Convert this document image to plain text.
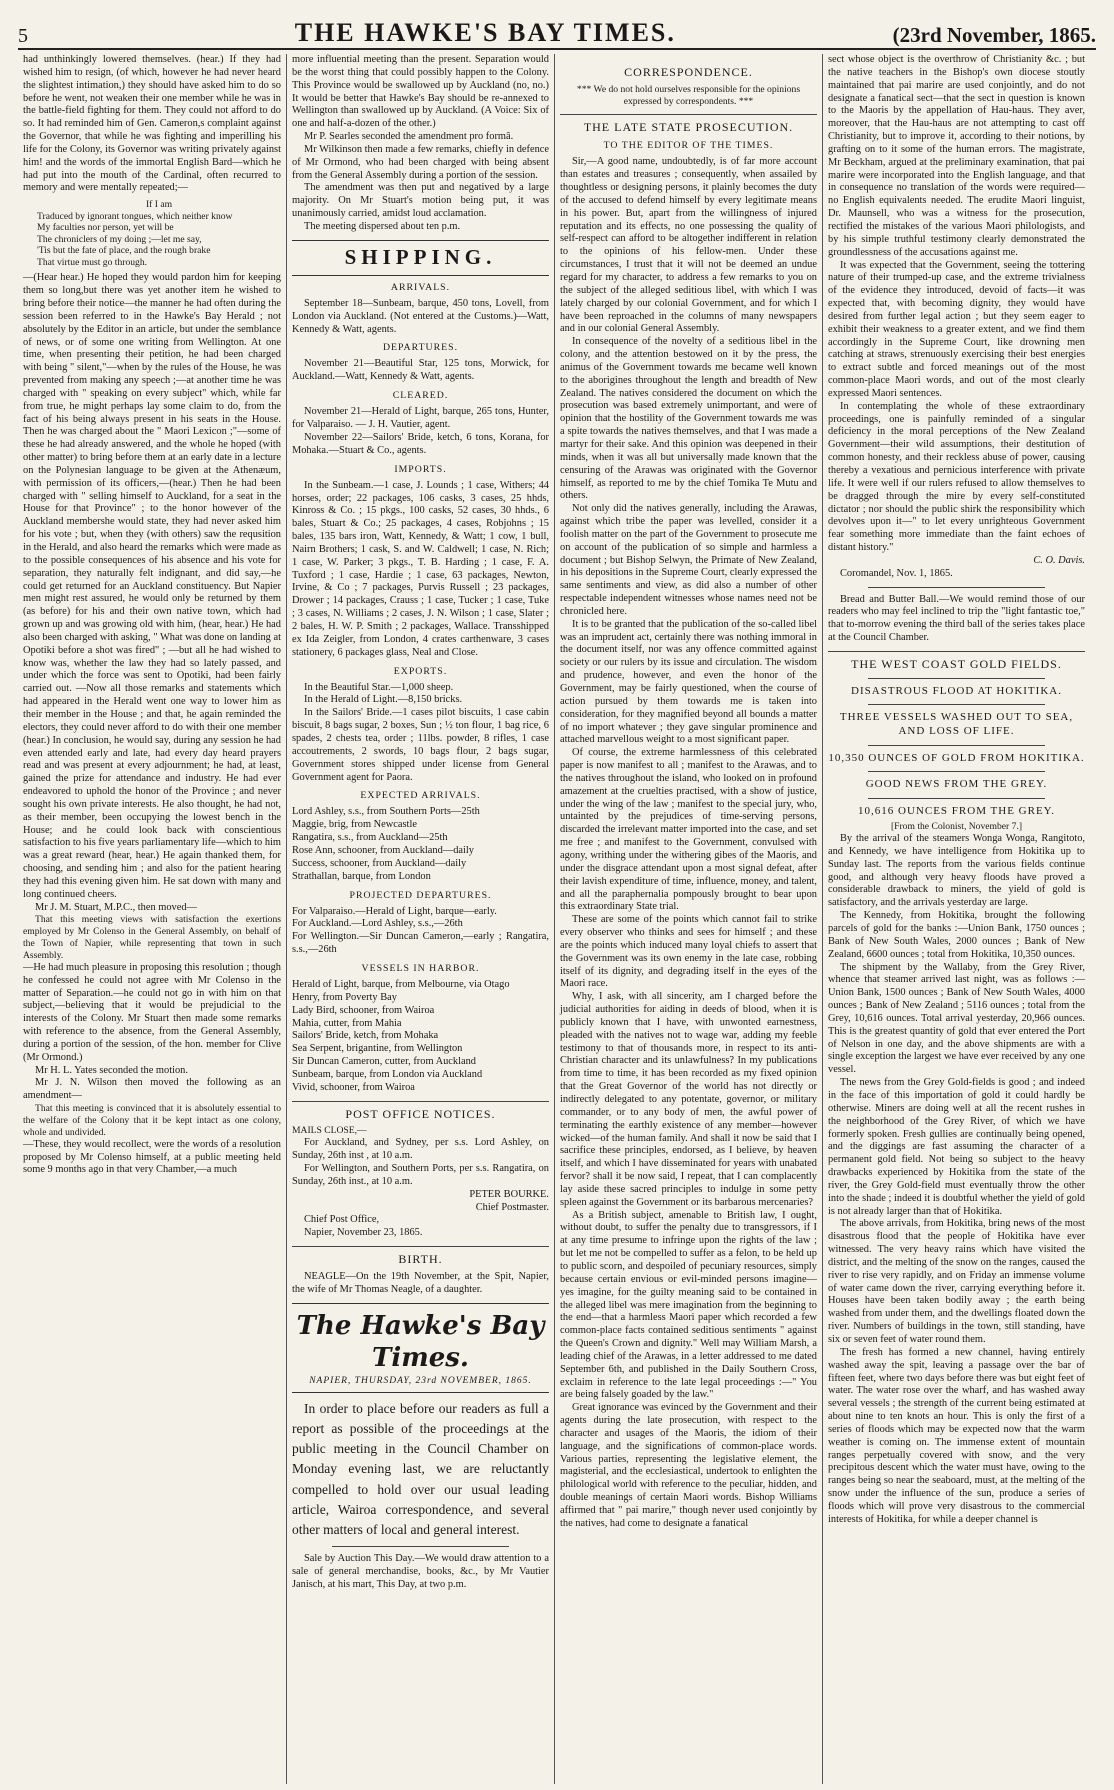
5	THE HAWKE'S BAY TIMES.	(23rd November, 1865.

had unthinkingly lowered themselves. (hear.) If they had wished him to resign, (of which, however he had never heard the slightest intimation,) they should have asked him to do so before he went, not weaken their one member while he was in the battle-field fighting for them. They could not afford to do so. It had reminded him of Gen. Cameron,s complaint against the Governor, that while he was fighting and imperilling his life for the Colony, its Governor was writing privately against him! and the words of the immortal English Bard—which he had put into the mouth of the Cardinal, often recurred to memory and were mentally repeated;—

If I am
Traduced by ignorant tongues, which neither know
My faculties nor person, yet will be
The chroniclers of my doing ;—let me say,
'Tis but the fate of place, and the rough brake
That virtue must go through.

—(Hear hear.) He hoped they would pardon him for keeping them so long,but there was yet another item he wished to bring before their notice—the manner he had often during the session been referred to in the Hawke's Bay Herald ; not absolutely by the Editor in an article, but under the semblance of news, or of some one writing from Wellington. At one time, when presenting their petition, he had been charged with being " silent,"—when by the rules of the House, he was prevented from making any speech ;—at another time he was charged with " speaking on every subject" which, while far from true, he might perhaps lay some claim to do, from the fact of his being always present in his seats in the House. Then he was charged about the " Maori Lexicon ;"—some of these he had already answered, and the whole he hoped (with other matter) to bring before them at an early date in a lecture on the Polynesian language to be given at the Athenæum, with permission of its officers,—(hear.) Then he had been charged with " selling himself to Auckland, for a seat in the House for that Province" ; to the honor however of the Auckland membershe would state, they had never asked him for his vote ; but, when they (with others) saw the requsition in the Herald, and also heard the remarks which were made as to the possible consequences of his absence and his vote for separation, they naturally felt indignant, and did say,—he could get returned for an Auckland constituency. But Napier men might rest assured, he would only be returned by them (as before) for his and their own native town, which had grown up and was growing old with him, (hear, hear.) He had also been charged with asking, " What was done on landing at Opotiki before a shot was fired" ; —but all he had wished to know was, whether the law they had so lately passed, and under which the force was sent to Opotiki, had been fairly carried out. —Now all those remarks and statements which had appeared in the Herald went one way to lower him as their member in the House ; and that, he again reminded the electors, they could never afford to do with their one member (hear.) In conclusion, he would say, during any session he had even attended early and late, had every day heard prayers read and was present at every adjournment; he had, at least, gained the prize for attendance and industry. He had ever endeavored to uphold the honor of the Province ; and never sought his own private interests. He also thought, he had not, as their member, been occupying the lowest bench in the House; and he could look back with conscientious satisfaction to his five years parliamentary life—which to him was a great reward (hear, hear.) He again thanked them, for choosing, and sending him ; and also for the patient hearing they had this evening given him. He sat down with many and long continued cheers.

Mr J. M. Stuart, M.P.C., then moved—

That this meeting views with satisfaction the exertions employed by Mr Colenso in the General Assembly, on behalf of the Town of Napier, while representing that town in such Assembly.

—He had much pleasure in proposing this resolution ; though he confessed he could not agree with Mr Colenso in the matter of Separation.—he could not go in with him on that subject,—believing that it would be prejudicial to the interests of the Colony. Mr Stuart then made some remarks with reference to the absence, from the General Assembly, during a portion of the session, of the hon. member for Clive (Mr Ormond.)

Mr H. L. Yates seconded the motion.

Mr J. N. Wilson then moved the following as an amendment—

That this meeting is convinced that it is absolutely essential to the welfare of the Colony that it be kept intact as one colony, whole and undivided.

—These, they would recollect, were the words of a resolution proposed by Mr Colenso himself, at a public meeting held some 9 months ago in that very Chamber,—a much

more influential meeting than the present. Separation would be the worst thing that could possibly happen to the Colony. This Province would be swallowed up by Auckland (no, no.) It would be better that Hawke's Bay should be re-annexed to Wellington than swallowed up by Auckland. (A Voice: Six of one and half-a-dozen of the other.)

Mr P. Searles seconded the amendment pro formâ.

Mr Wilkinson then made a few remarks, chiefly in defence of Mr Ormond, who had been charged with being absent from the General Assembly during a portion of the session.

The amendment was then put and negatived by a large majority. On Mr Stuart's motion being put, it was unanimously carried, amidst loud acclamation.

The meeting dispersed about ten p.m.

SHIPPING.
ARRIVALS.

September 18—Sunbeam, barque, 450 tons, Lovell, from London via Auckland. (Not entered at the Customs.)—Watt, Kennedy & Watt, agents.

DEPARTURES.

November 21—Beautiful Star, 125 tons, Morwick, for Auckland.—Watt, Kennedy & Watt, agents.

CLEARED.

November 21—Herald of Light, barque, 265 tons, Hunter, for Valparaiso. — J. H. Vautier, agent.

November 22—Sailors' Bride, ketch, 6 tons, Korana, for Mohaka.—Stuart & Co., agents.

IMPORTS.

In the Sunbeam.—1 case, J. Lounds ; 1 case, Withers; 44 horses, order; 22 packages, 106 casks, 3 cases, 25 hhds, Kinross & Co. ; 15 pkgs., 100 casks, 52 cases, 30 hhds., 6 bales, Stuart & Co.; 25 packages, 4 cases, Robjohns ; 15 bales, 135 bars iron, Watt, Kennedy, & Watt; 1 cow, 1 bull, Nairn Brothers; 1 cask, S. and W. Caldwell; 1 case, N. Rich; 1 case, W. Parker; 3 pkgs., T. B. Harding ; 1 case, F. A. Tuxford ; 1 case, Hardie ; 1 case, 63 packages, Newton, Irvine, & Co ; 7 packages, Purvis Russell ; 23 packages, Drower ; 14 packages, Crauss ; 1 case, Tucker ; 1 case, Tuke ; 3 cases, N. Williams ; 2 cases, J. N. Wilson ; 1 case, Slater ; 2 bales, H. W. P. Smith ; 2 packages, Wallace. Transshipped ex Ida Zeigler, from London, 4 crates carthenware, 3 cases stationery, 6 packages glass, Neal and Close.

EXPORTS.

In the Beautiful Star.—1,000 sheep.

In the Herald of Light.—8,150 bricks.

In the Sailors' Bride.—1 cases pilot biscuits, 1 case cabin biscuit, 8 bags sugar, 2 boxes, Sun ; ½ ton flour, 1 bag rice, 6 spades, 2 chests tea, order ; 11lbs. powder, 8 rifles, 1 case accoutrements, 2 swords, 10 bags flour, 2 bags sugar, Government stores shipped under license from General Government agent for Paora.

EXPECTED ARRIVALS.

Lord Ashley, s.s., from Southern Ports—25th

Maggie, brig, from Newcastle

Rangatira, s.s., from Auckland—25th

Rose Ann, schooner, from Auckland—daily

Success, schooner, from Auckland—daily

Strathallan, barque, from London

PROJECTED DEPARTURES.

For Valparaiso.—Herald of Light, barque—early.

For Auckland.—Lord Ashley, s.s.,—26th

For Wellington.—Sir Duncan Cameron,—early ; Rangatira, s.s.,—26th

VESSELS IN HARBOR.

Herald of Light, barque, from Melbourne, via Otago

Henry, from Poverty Bay

Lady Bird, schooner, from Wairoa

Mahia, cutter, from Mahia

Sailors' Bride, ketch, from Mohaka

Sea Serpent, brigantine, from Wellington

Sir Duncan Cameron, cutter, from Auckland

Sunbeam, barque, from London via Auckland

Vivid, schooner, from Wairoa

POST OFFICE NOTICES.

MAILS CLOSE,—

For Auckland, and Sydney, per s.s. Lord Ashley, on Sunday, 26th inst , at 10 a.m.

For Wellington, and Southern Ports, per s.s. Rangatira, on Sunday, 26th inst., at 10 a.m.

PETER BOURKE.

Chief Postmaster.

Chief Post Office,

Napier, November 23, 1865.

BIRTH.

NEAGLE—On the 19th November, at the Spit, Napier, the wife of Mr Thomas Neagle, of a daughter.

The Hawke's Bay Times.
NAPIER, THURSDAY, 23rd NOVEMBER, 1865.

In order to place before our readers as full a report as possible of the proceedings at the public meeting in the Council Chamber on Monday evening last, we are reluctantly compelled to hold over our usual leading article, Wairoa correspondence, and several other matters of local and general interest.

Sale by Auction This Day.—We would draw attention to a sale of general merchandise, books, &c., by Mr Vautier Janisch, at his mart, This Day, at two p.m.

CORRESPONDENCE.

*** We do not hold ourselves responsible for the opinions expressed by correspondents. ***

THE LATE STATE PROSECUTION.
TO THE EDITOR OF THE TIMES.

Sir,—A good name, undoubtedly, is of far more account than estates and treasures ; consequently, when assailed by thoughtless or designing persons, it plainly becomes the duty of the accused to defend himself by every legitimate means in his power. But, apart from the willingness of injured reputation and its effects, no one possessing the quality of self-respect can afford to be altogether indifferent in relation to the opinions of his fellow-men. Under these circumstances, I trust that it will not be deemed an undue regard for my character, to address a few remarks to you on the subject of the alleged seditious libel, with which I was lately charged by our colonial Government, and for which I have been reproached in the columns of many newspapers and in our colonial General Assembly.

In consequence of the novelty of a seditious libel in the colony, and the attention bestowed on it by the press, the animus of the Government towards me became well known to the aborigines throughout the length and breadth of New Zealand. The natives considered the document on which the prosecution was based extremely unimportant, and were of opinion that the hostility of the Government towards me was a spite towards the natives themselves, and that I was made a martyr for their sake. And this opinion was deepened in their minds, when it was all but universally made known that the censuring of the Arawas was originated with the Governor himself, as reported to me by the chief Tomika Te Mutu and others.

Not only did the natives generally, including the Arawas, against which tribe the paper was levelled, consider it a foolish matter on the part of the Government to prosecute me on account of the publication of so simple and harmless a document ; but Bishop Selwyn, the Primate of New Zealand, in his depositions in the Supreme Court, clearly expressed the same sentiments and view, as did also a number of other respectable independent witnesses whose names need not be chronicled here.

It is to be granted that the publication of the so-called libel was an imprudent act, certainly there was nothing immoral in the document itself, nor was any offence committed against society or our rulers by its issue and circulation. The wisdom and prudence, however, and even the honor of the Government, may be fairly questioned, when the course of action pursued by them towards me is taken into consideration, for they magnified beyond all bounds a matter of no import whatever ; they gave singular prominence and attached marvellous weight to a most significant paper.

Of course, the extreme harmlessness of this celebrated paper is now manifest to all ; manifest to the Arawas, and to the natives throughout the island, who looked on in profound amazement at the cruelties practised, with a show of justice, under the wing of the law ; manifest to the special jury, who, untainted by the prejudices of time-serving persons, discarded the irrelevant matter imported into the case, and set me free ; and manifest to the Government, convulsed with agony, writhing under the withering gibes of the Maoris, and under the disgrace attendant upon a most signal defeat, after their lavish expenditure of time, influence, money, and talent, and all the paraphernalia pompously brought to bear upon this extraordinary State trial.

These are some of the points which cannot fail to strike every observer who thinks and sees for himself ; and these are the points which induced many loyal chiefs to assert that the Government was its own enemy in the late case, robbing itself of its dignity, and degrading itself in the eyes of the Maori race.

Why, I ask, with all sincerity, am I charged before the judicial authorities for aiding in deeds of blood, when it is publicly known that I have, with unwonted earnestness, pleaded with the natives not to wage war, adding my feeble testimony to that of thousands more, in respect to its anti-Christian character and its unlawfulness? In my publications from time to time, it has been recorded as my fixed opinion that the Great Governor of the world has not directly or indirectly delegated to any potentate, governor, or military commander, or to any body of men, the awful power of terminating the earthly existence of any member—however wicked—of the human family. And shall it now be said that I sacrifice these principles, endorsed, as I believe, by heaven itself, and which I have disseminated for years with unabated fervor? shall it be now said, I repeat, that I can complacently lay aside these sacred principles to indulge in some petty spleen against the Government or its barbarous mercenaries?

As a British subject, amenable to British law, I ought, without doubt, to suffer the penalty due to transgressors, if I at any time presume to infringe upon the rights of the law ; but let me not be compelled to suffer as a felon, to be held up to public scorn, and despoiled of pecuniary resources, simply because certain envious or evil-minded persons imagine—yes imagine, for the guilty meaning said to be contained in the alleged libel was mere imagination from the beginning to the end—that a harmless Maori paper which recorded a few common-place facts contained seditious sentiments " against the Queen's Crown and dignity." Well may William Marsh, a leading chief of the Arawas, in a letter addressed to me dated September 6th, and published in the Daily Southern Cross, exclaim in reference to the late legal proceedings :—" You are being falsely goaded by the law."

Great ignorance was evinced by the Government and their agents during the late prosecution, with respect to the character and usages of the Maoris, the idiom of their language, and the significations of common-place words. Various parties, representing the legislative element, the magisterial, and the ecclesiastical, undertook to enlighten the philological world with reference to the peculiar, hidden, and double meanings of certain Maori words. Bishop Williams affirmed that " pai marire," though never used conjointly by the natives, had come to designate a fanatical

sect whose object is the overthrow of Christianity &c. ; but the native teachers in the Bishop's own diocese stoutly maintained that pai marire are used conjointly, and do not designate a fanatical sect—that the sect in question is known to the Maoris by the appellation of Hau-haus. They aver, moreover, that the Hau-haus are not attempting to cast off Christianity, but to improve it, according to their notions, by grafting on to it some of the human errors. The magistrate, Mr Beckham, argued at the preliminary examination, that pai marire were incorporated into the English language, and that in consequence no translation of the words were required—no English equivalents needed. The erudite Maori linguist, Dr. Maunsell, who was a witness for the prosecution, rectified the mistakes of the various Maori philologists, and by his simple truthful testimony clearly demonstrated the groundlessness of the accusations against me.

It was expected that the Government, seeing the tottering nature of their trumped-up case, and the extreme trivialness of the evidence they introduced, devoid of facts—it was expected that, with becoming dignity, they would have desired from further legal action ; but they seem eager to exhibit their weakness to a greater extent, and we find them accordingly in the Supreme Court, like drowning men catching at straws, strenuously exercising their best energies to extract subtle and forced meanings out of the most common-place Maori words, and out of the most clearly expressed Maori sentences.

In contemplating the whole of these extraordinary proceedings, one is painfully reminded of a singular deficiency in the moral perceptions of the New Zealand Government—their wild assumptions, their destitution of common honesty, and their reckless abuse of power, causing thereby a vexatious and pernicious interference with private life. It were well if our rulers refused to allow themselves to be dragged through the mire by every self-constituted dictator ; nor should the public shirk the responsibility which devolves upon it—" to let every unrighteous Government fear something more immediate than the faint echoes of distant history."

C. O. Davis.

Coromandel, Nov. 1, 1865.

Bread and Butter Ball.—We would remind those of our readers who may feel inclined to trip the "light fantastic toe," that to-morrow evening the third ball of the series takes place at the Council Chamber.

THE WEST COAST GOLD FIELDS.
DISASTROUS FLOOD AT HOKITIKA.
THREE VESSELS WASHED OUT TO SEA, AND LOSS OF LIFE.
10,350 OUNCES OF GOLD FROM HOKITIKA.
GOOD NEWS FROM THE GREY.
10,616 OUNCES FROM THE GREY.

[From the Colonist, November 7.]

By the arrival of the steamers Wonga Wonga, Rangitoto, and Kennedy, we have intelligence from Hokitika up to Sunday last. The reports from the various fields continue good, and although very heavy floods have proved a considerable drawback to miners, the yield of gold is satisfactory, and the arrivals yesterday are large.

The Kennedy, from Hokitika, brought the following parcels of gold for the banks :—Union Bank, 1750 ounces ; Bank of New South Wales, 2000 ounces ; Bank of New Zealand, 6600 ounces ; total from Hokitika, 10,350 ounces.

The shipment by the Wallaby, from the Grey River, whence that steamer arrived last night, was as follows :—Union Bank, 1500 ounces ; Bank of New South Wales, 4000 ounces ; Bank of New Zealand ; 5116 ounces ; total from the Grey, 10,616 ounces. Total arrival yesterday, 20,966 ounces. This is the greatest quantity of gold that ever entered the Port of Nelson in one day, and the above shipments are with a single exception the largest we have ever received by any one vessel.

The news from the Grey Gold-fields is good ; and indeed in the face of this importation of gold it could hardly be otherwise. Miners are doing well at all the recent rushes in the neighborhood of the Grey River, of which we have formerly spoken. Fresh gullies are continually being opened, and the diggings are fast assuming the character of a permanent gold field. Not being so subject to the heavy drawbacks experienced by Hokitika from the state of the river, the Grey Gold-field must eventually throw the other into the shade ; indeed it is doubtful whether the yield of gold is not already larger than that of Hokitika.

The above arrivals, from Hokitika, bring news of the most disastrous flood that the people of Hokitika have ever witnessed. The very heavy rains which have visited the district, and the melting of the snow on the ranges, caused the river to rise very rapidly, and on Friday an immense volume of water came down the river, carrying everything before it. Houses have been taken bodily away ; the earth being washed from under them, and the dwellings floated down the river. Numbers of buildings in the town, still standing, have six or seven feet of water round them.

The fresh has formed a new channel, having entirely washed away the spit, leaving a passage over the bar of fifteen feet, where two days before there was but eight feet of water. The water rose over the wharf, and has washed away several vessels ; the strength of the current being estimated at about nine to ten knots an hour. This is only the first of a series of floods which may be expected now that the warm weather is coming on. The immense extent of mountain ranges perpetually covered with snow, and the very precipitous descent which the water must have, owing to the ranges being so near the seaboard, must, at the melting of the snow under the influence of the sun, produce a series of floods which will prove very disastrous to the commercial interests of Hokitika, for while a deeper channel is
